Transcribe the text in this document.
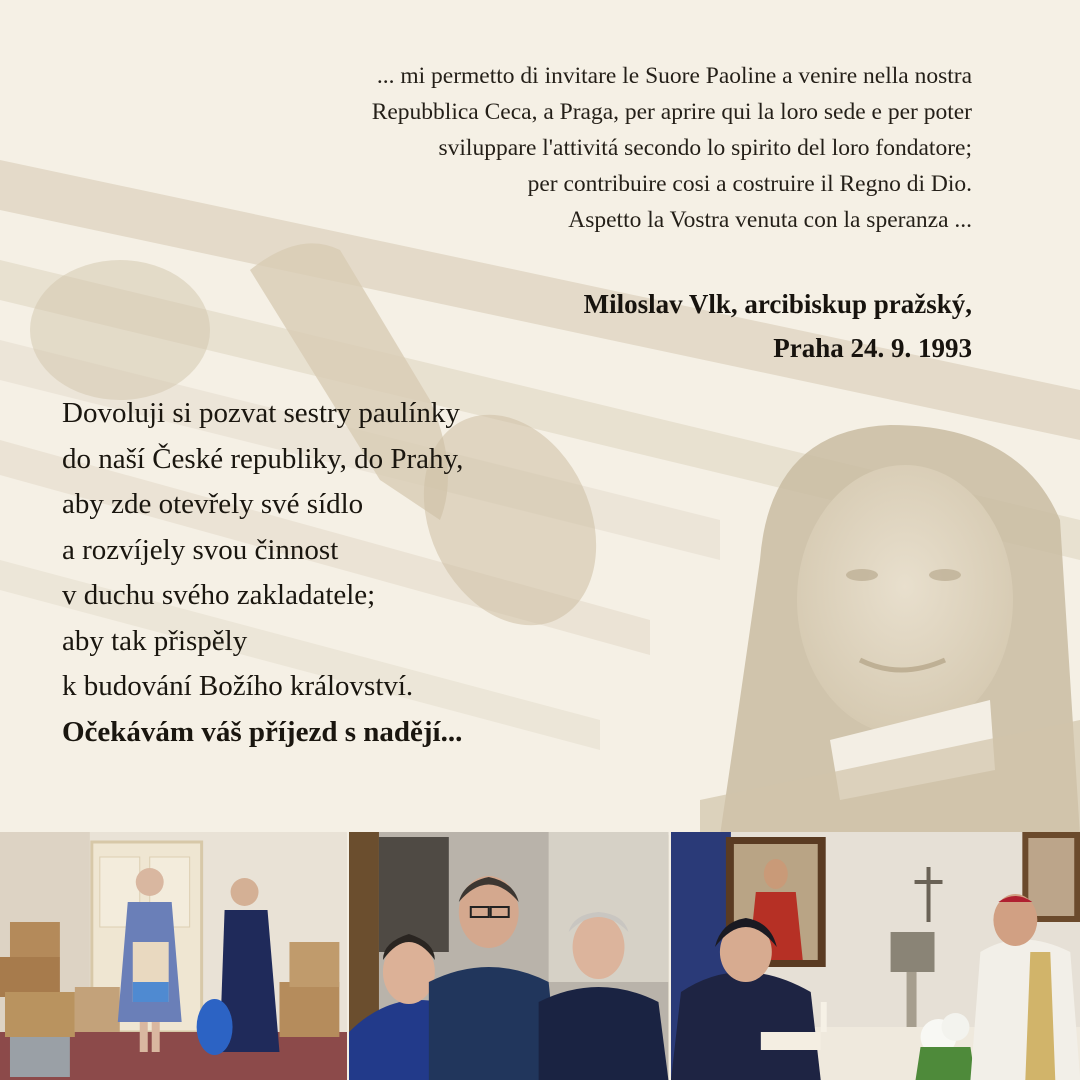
... mi permetto di invitare le Suore Paoline a venire nella nostra

Repubblica Ceca, a Praga, per aprire qui la loro sede e per poter

sviluppare l'attivitá secondo lo spirito del loro fondatore;

per contribuire cosi a costruire il Regno di Dio.

Aspetto la Vostra venuta con la speranza ...

Miloslav Vlk, arcibiskup pražský,

Praha 24. 9. 1993

Dovoluji si pozvat sestry paulínky

do naší České republiky, do Prahy,

aby zde otevřely své sídlo

a rozvíjely svou činnost

v duchu svého zakladatele;

aby tak přispěly

k budování Božího království.

Očekávám váš příjezd s nadějí...
